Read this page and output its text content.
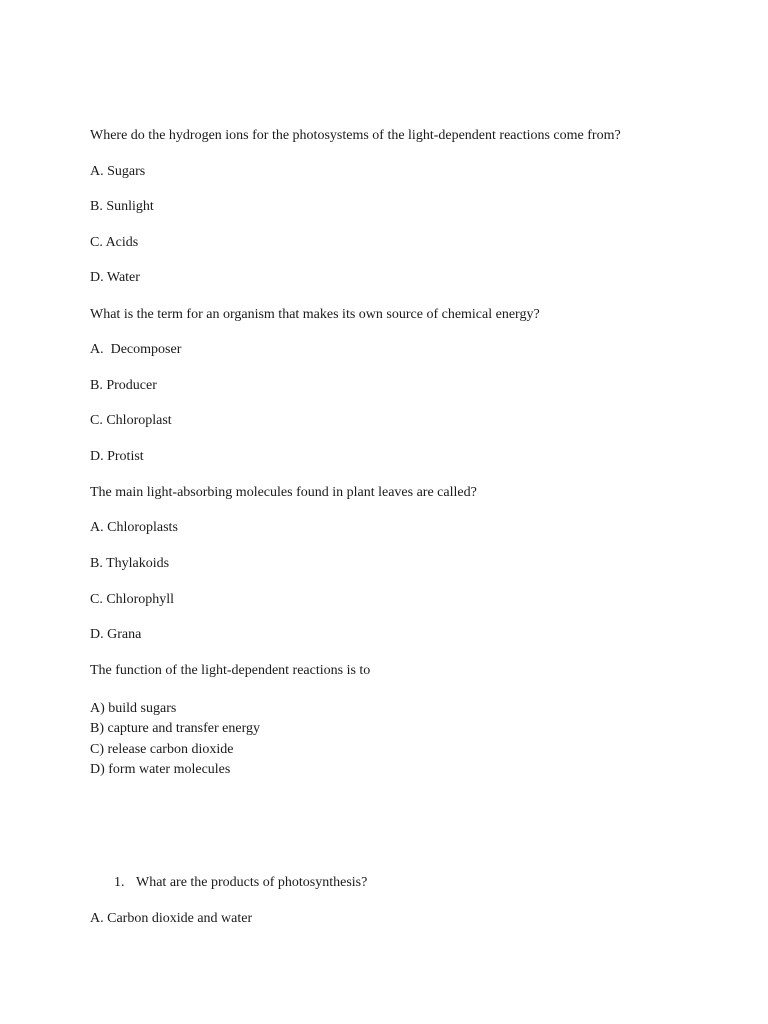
Where do the hydrogen ions for the photosystems of the light-dependent reactions come from?
A. Sugars
B. Sunlight
C. Acids
D. Water
What is the term for an organism that makes its own source of chemical energy?
A.  Decomposer
B. Producer
C. Chloroplast
D. Protist
The main light-absorbing molecules found in plant leaves are called?
A. Chloroplasts
B. Thylakoids
C. Chlorophyll
D. Grana
The function of the light-dependent reactions is to
A) build sugars
B) capture and transfer energy
C) release carbon dioxide
D) form water molecules
1. What are the products of photosynthesis?
A. Carbon dioxide and water
